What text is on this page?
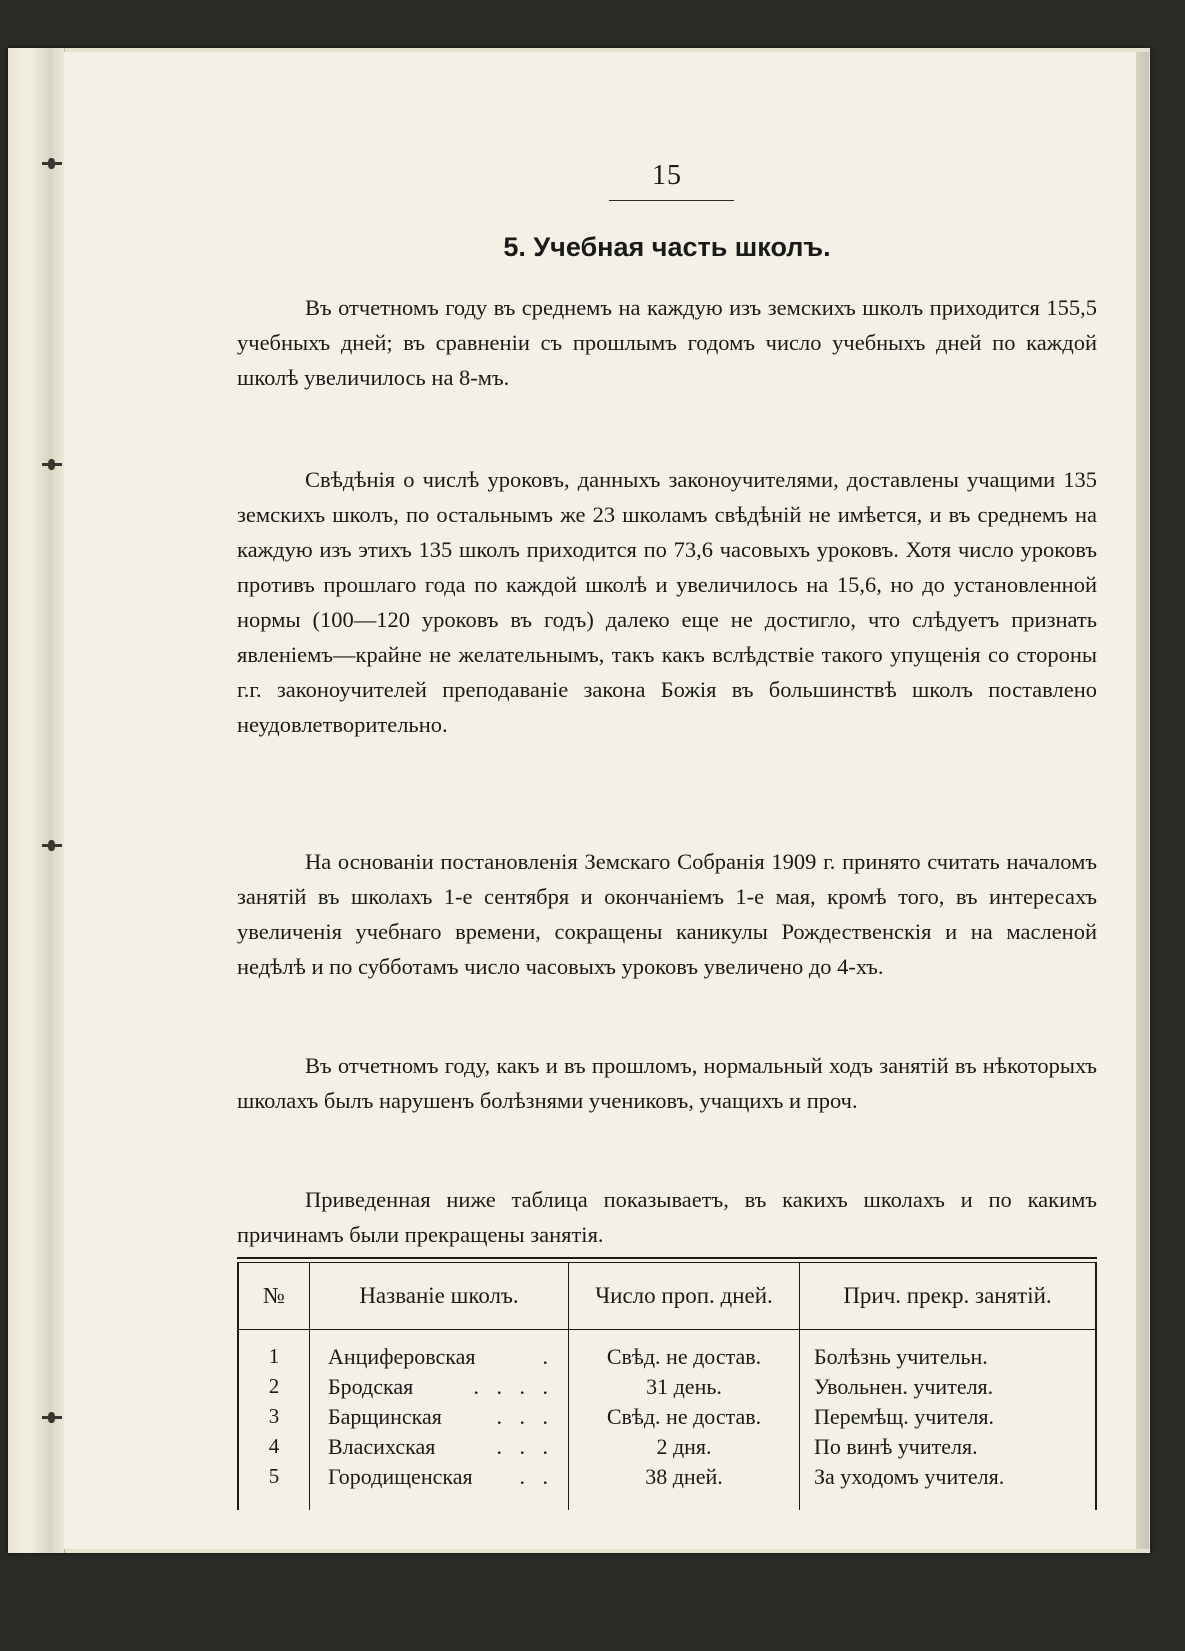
15
5. Учебная часть школъ.

Въ отчетномъ году въ среднемъ на каждую изъ земскихъ школъ приходится 155,5 учебныхъ дней; въ сравненіи съ прошлымъ годомъ число учебныхъ дней по каждой школѣ увеличилось на 8-мъ.

Свѣдѣнія о числѣ уроковъ, данныхъ законоучителями, доставлены учащими 135 земскихъ школъ, по остальнымъ же 23 школамъ свѣдѣній не имѣется, и въ среднемъ на каждую изъ этихъ 135 школъ приходится по 73,6 часовыхъ уроковъ. Хотя число уроковъ противъ прошлаго года по каждой школѣ и увеличилось на 15,6, но до установленной нормы (100—120 уроковъ въ годъ) далеко еще не достигло, что слѣдуетъ признать явленіемъ—крайне не желательнымъ, такъ какъ вслѣдствіе такого упущенія со стороны г.г. законоучителей преподаваніе закона Божія въ большинствѣ школъ поставлено неудовлетворительно.

На основаніи постановленія Земскаго Собранія 1909 г. принято считать началомъ занятій въ школахъ 1-е сентября и окончаніемъ 1-е мая, кромѣ того, въ интересахъ увеличенія учебнаго времени, сокращены каникулы Рождественскія и на масленой недѣлѣ и по субботамъ число часовыхъ уроковъ увеличено до 4-хъ.

Въ отчетномъ году, какъ и въ прошломъ, нормальный ходъ занятій въ нѣкоторыхъ школахъ былъ нарушенъ болѣзнями учениковъ, учащихъ и проч.

Приведенная ниже таблица показываетъ, въ какихъ школахъ и по какимъ причинамъ были прекращены занятія.

№	Названіе школъ.	Число проп. дней.	Прич. прекр. занятій.

1	Анциферовская .	Свѣд. не достав.	Болѣзнь учительн.
2	Бродская . . . .	31 день.	Увольнен. учителя.
3	Барщинская . . .	Свѣд. не достав.	Перемѣщ. учителя.
4	Власихская . . .	2 дня.	По винѣ учителя.
5	Городищенская . .	38 дней.	За уходомъ учителя.
